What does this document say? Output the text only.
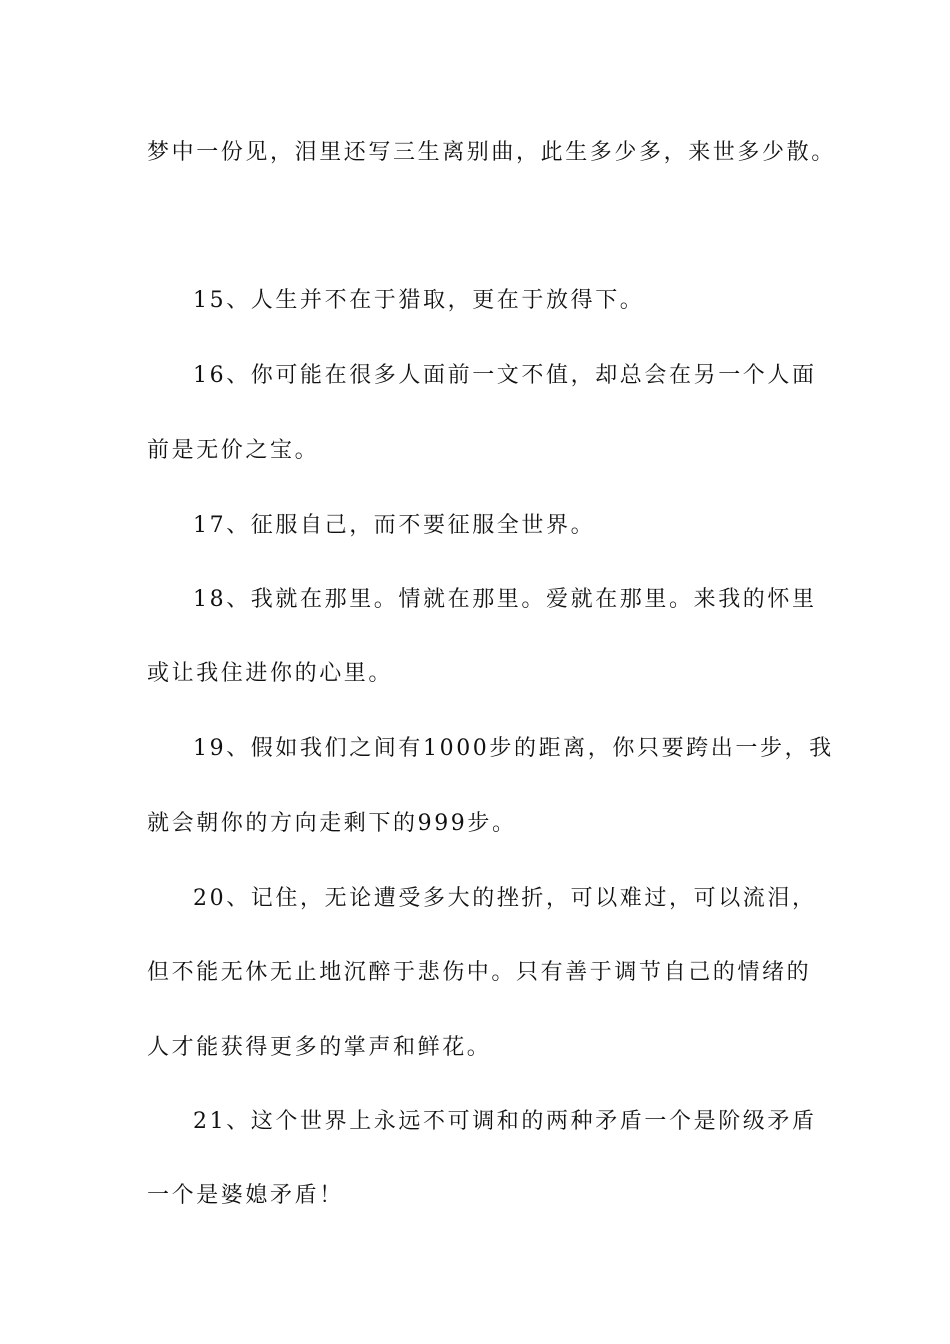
梦中一份见，泪里还写三生离别曲，此生多少多，来世多少散。
15、人生并不在于猎取，更在于放得下。
16、你可能在很多人面前一文不值，却总会在另一个人面
前是无价之宝。
17、征服自己，而不要征服全世界。
18、我就在那里。情就在那里。爱就在那里。来我的怀里
或让我住进你的心里。
19、假如我们之间有1000步的距离，你只要跨出一步，我
就会朝你的方向走剩下的999步。
20、记住，无论遭受多大的挫折，可以难过，可以流泪，
但不能无休无止地沉醉于悲伤中。只有善于调节自己的情绪的
人才能获得更多的掌声和鲜花。
21、这个世界上永远不可调和的两种矛盾一个是阶级矛盾
一个是婆媳矛盾！
